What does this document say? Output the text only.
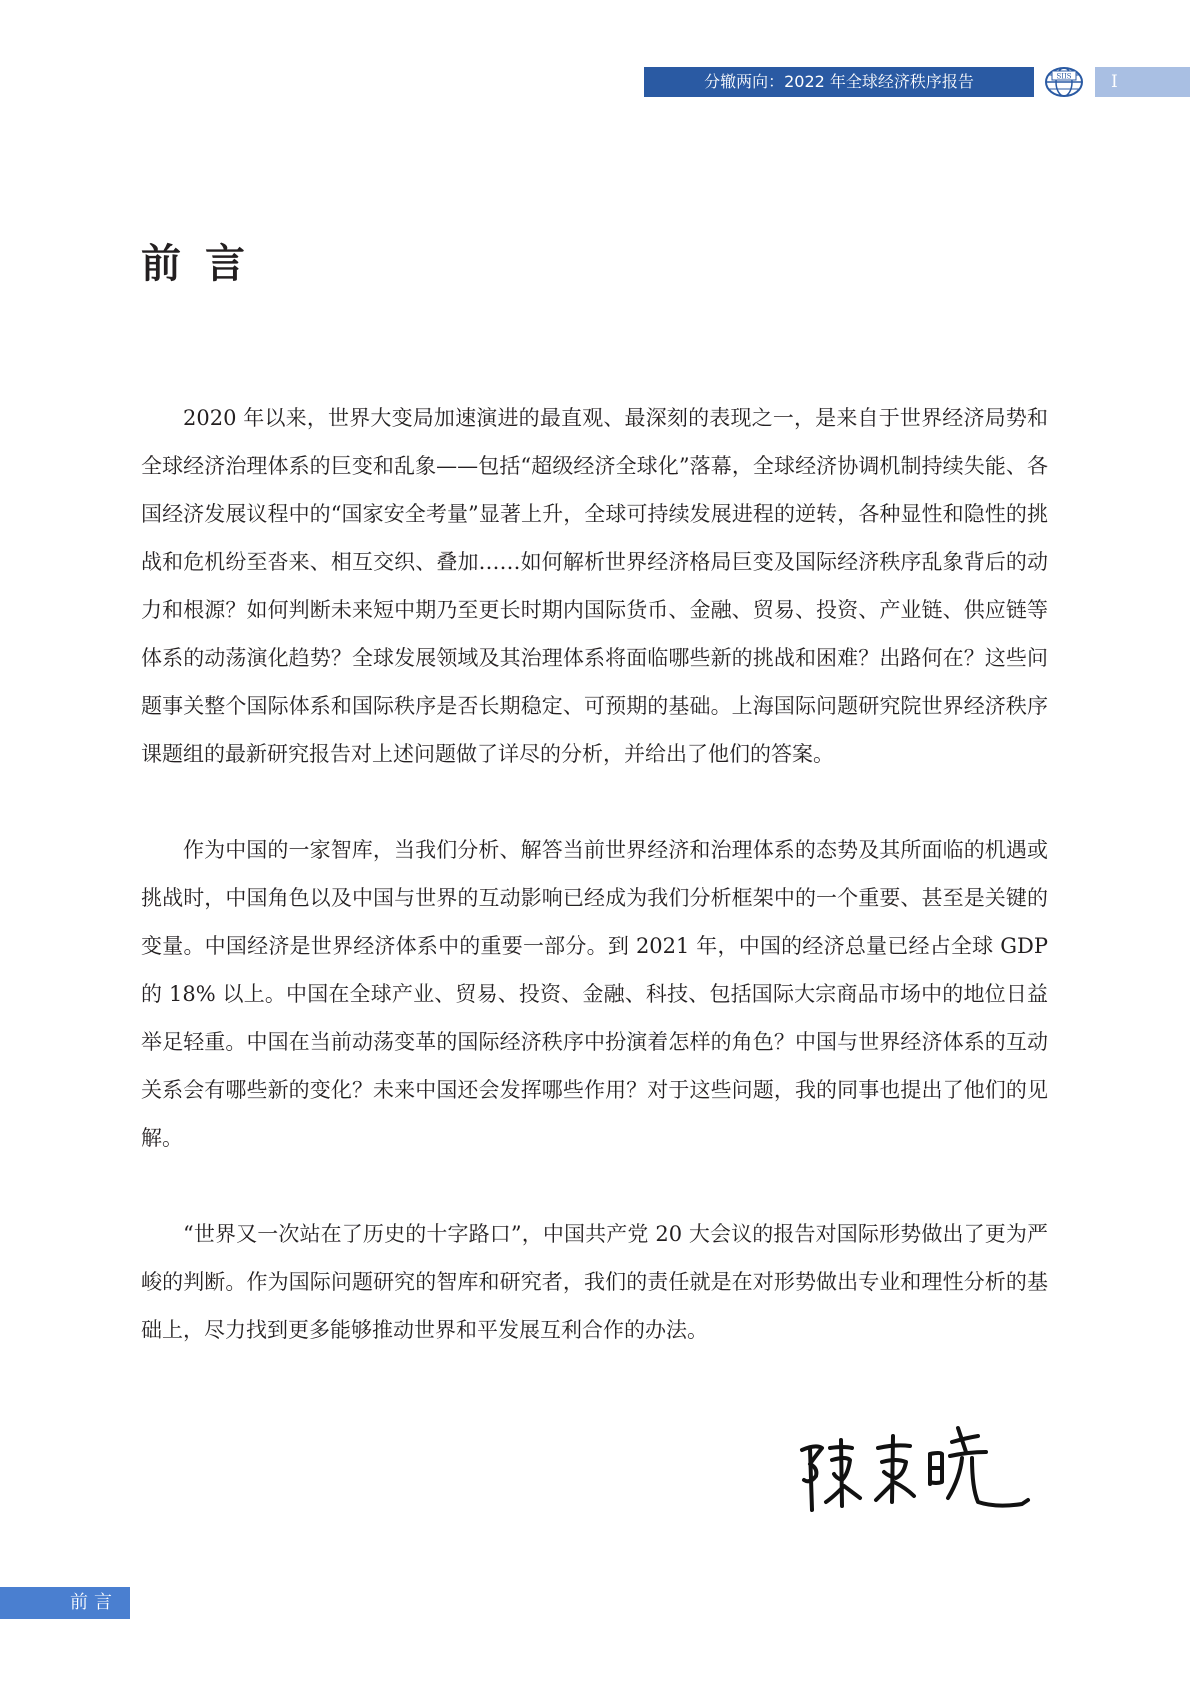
分辙两向：2022 年全球经济秩序报告	SIIS	I
前言

2020 年以来，世界大变局加速演进的最直观、最深刻的表现之一，是来自于世界经济局势和全球经济治理体系的巨变和乱象——包括“超级经济全球化”落幕，全球经济协调机制持续失能、各国经济发展议程中的“国家安全考量”显著上升，全球可持续发展进程的逆转，各种显性和隐性的挑战和危机纷至沓来、相互交织、叠加……如何解析世界经济格局巨变及国际经济秩序乱象背后的动力和根源？如何判断未来短中期乃至更长时期内国际货币、金融、贸易、投资、产业链、供应链等体系的动荡演化趋势？全球发展领域及其治理体系将面临哪些新的挑战和困难？出路何在？这些问题事关整个国际体系和国际秩序是否长期稳定、可预期的基础。上海国际问题研究院世界经济秩序课题组的最新研究报告对上述问题做了详尽的分析，并给出了他们的答案。

作为中国的一家智库，当我们分析、解答当前世界经济和治理体系的态势及其所面临的机遇或挑战时，中国角色以及中国与世界的互动影响已经成为我们分析框架中的一个重要、甚至是关键的变量。中国经济是世界经济体系中的重要一部分。到 2021 年，中国的经济总量已经占全球 GDP 的 18% 以上。中国在全球产业、贸易、投资、金融、科技、包括国际大宗商品市场中的地位日益举足轻重。中国在当前动荡变革的国际经济秩序中扮演着怎样的角色？中国与世界经济体系的互动关系会有哪些新的变化？未来中国还会发挥哪些作用？对于这些问题，我的同事也提出了他们的见解。

“世界又一次站在了历史的十字路口”，中国共产党 20 大会议的报告对国际形势做出了更为严峻的判断。作为国际问题研究的智库和研究者，我们的责任就是在对形势做出专业和理性分析的基础上，尽力找到更多能够推动世界和平发展互利合作的办法。

前言
